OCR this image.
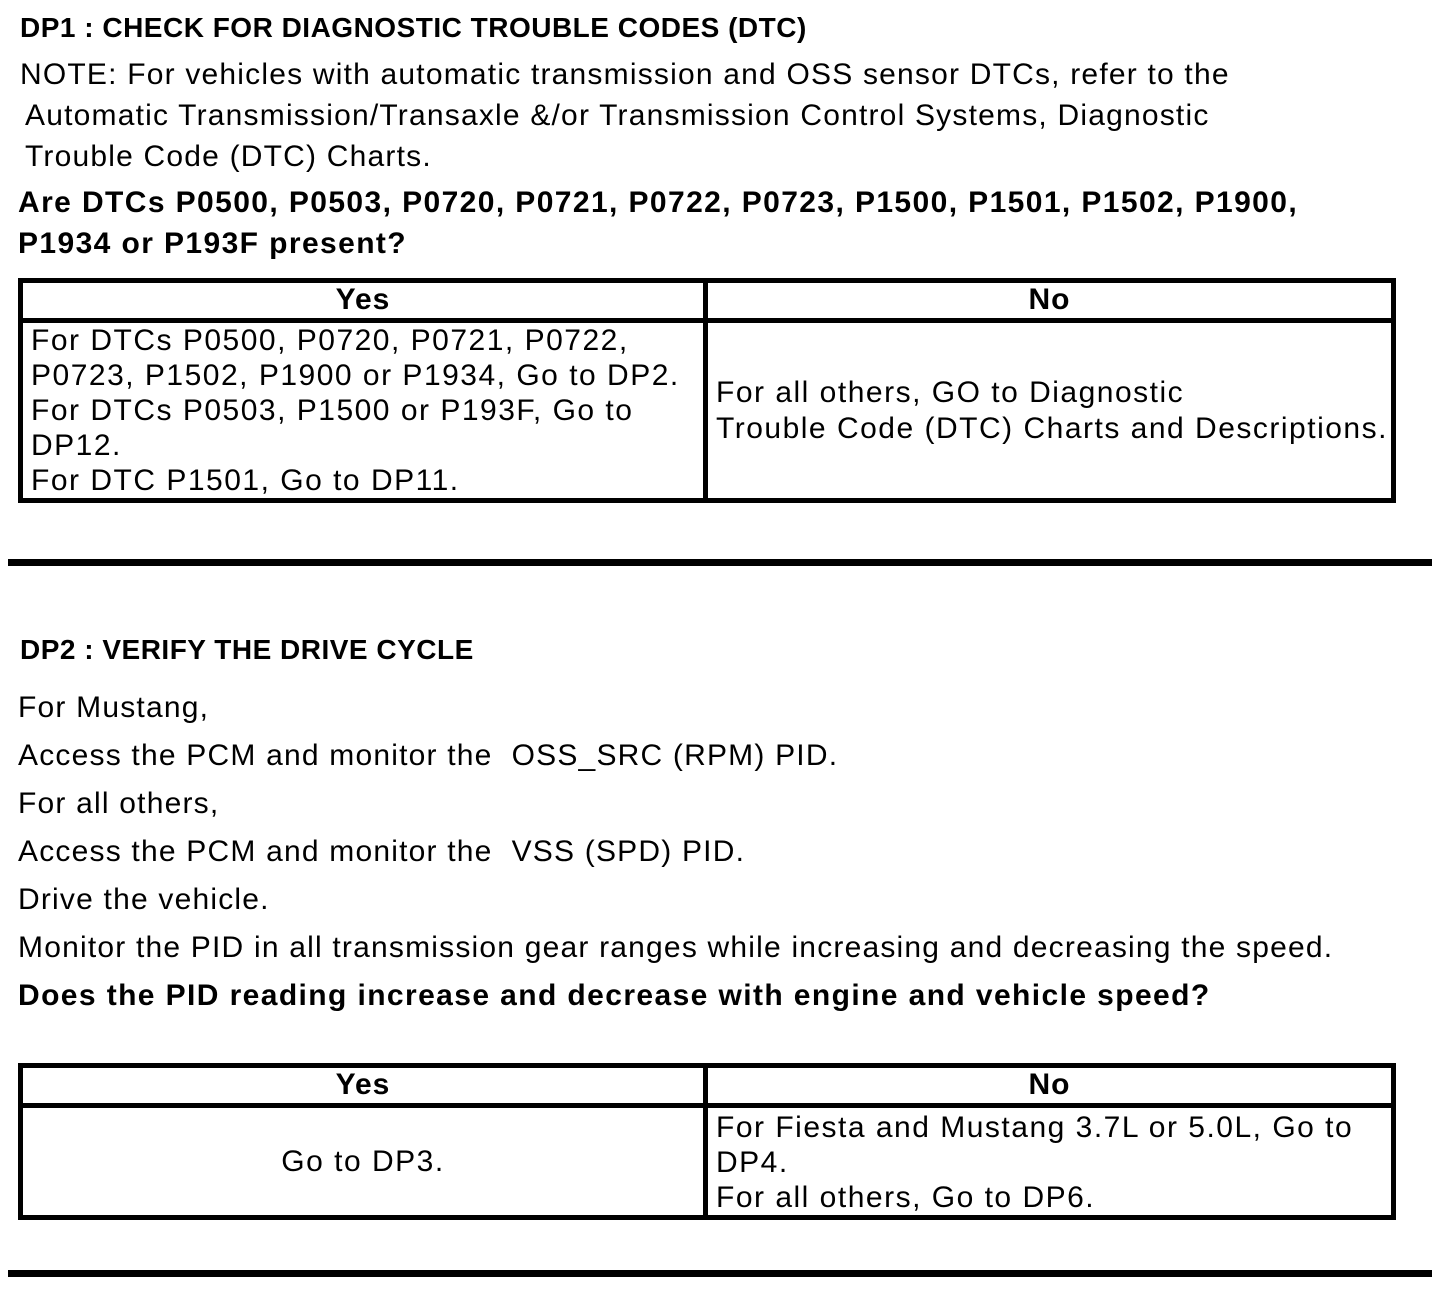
DP1 : CHECK FOR DIAGNOSTIC TROUBLE CODES (DTC)
NOTE: For vehicles with automatic transmission and OSS sensor DTCs, refer to the
Automatic Transmission/Transaxle &/or Transmission Control Systems, Diagnostic
Trouble Code (DTC) Charts.
Are DTCs P0500, P0503, P0720, P0721, P0722, P0723, P1500, P1501, P1502, P1900,
P1934 or P193F present?
Yes	No
For DTCs P0500, P0720, P0721, P0722,
P0723, P1502, P1900 or P1934, Go to DP2.
For DTCs P0503, P1500 or P193F, Go to
DP12.
For DTC P1501, Go to DP11.
For all others, GO to Diagnostic
Trouble Code (DTC) Charts and Descriptions.
DP2 : VERIFY THE DRIVE CYCLE
For Mustang,
Access the PCM and monitor the  OSS_SRC (RPM) PID.
For all others,
Access the PCM and monitor the  VSS (SPD) PID.
Drive the vehicle.
Monitor the PID in all transmission gear ranges while increasing and decreasing the speed.
Does the PID reading increase and decrease with engine and vehicle speed?
Yes	No
Go to DP3.
For Fiesta and Mustang 3.7L or 5.0L, Go to
DP4.
For all others, Go to DP6.
